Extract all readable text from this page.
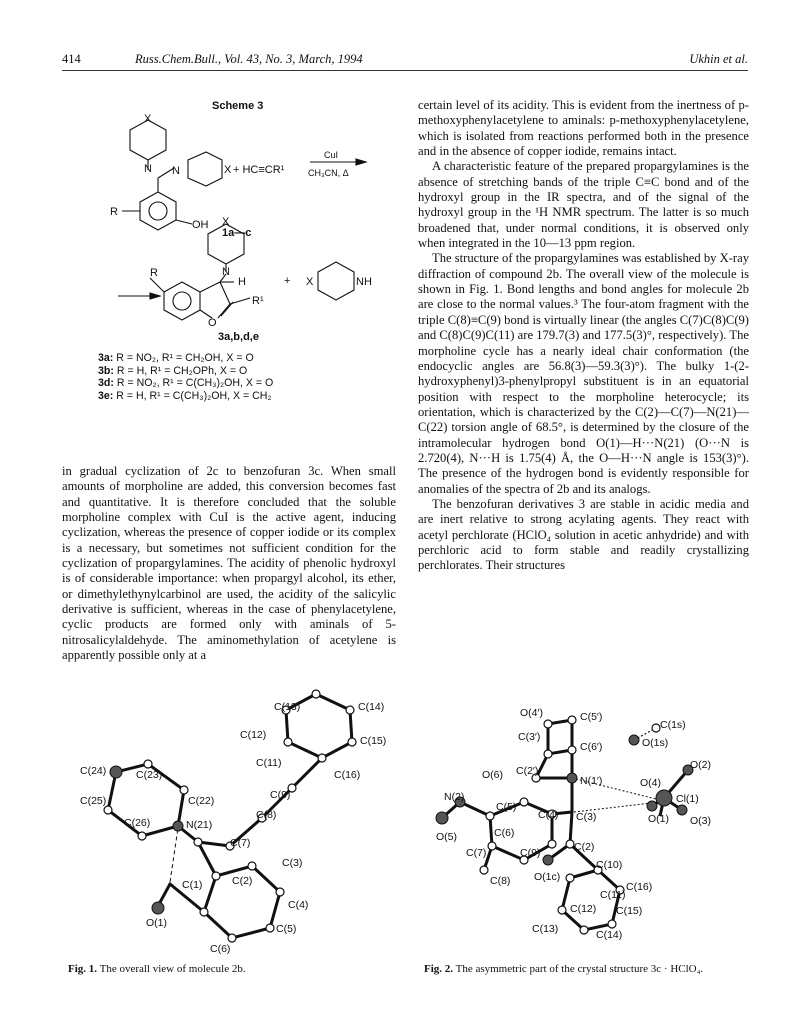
414	Russ.Chem.Bull., Vol. 43, No. 3, March, 1994	Ukhin et al.
Scheme 3
X
N N	X + HC≡CR¹
CuI
CH₃CN, Δ
R
OH
1a—c
X
N
H
R
O
R¹
+ X	NH
3a,b,d,e
3a: R = NO₂, R¹ = CH₂OH, X = O
3b: R = H, R¹ = CH₂OPh, X = O
3d: R = NO₂, R¹ = C(CH₃)₂OH, X = O
3e: R = H, R¹ = C(CH₃)₂OH, X = CH₂

in gradual cyclization of 2c to benzofuran 3c. When small amounts of morpholine are added, this conversion becomes fast and quantitative. It is therefore concluded that the soluble morpholine complex with CuI is the active agent, inducing cyclization, whereas the presence of copper iodide or its complex is a necessary, but sometimes not sufficient condition for the cyclization of propargylamines. The acidity of phenolic hydroxyl is of considerable importance: when propargyl alcohol, its ether, or dimethylethynylcarbinol are used, the acidity of the salicylic derivative is sufficient, whereas in the case of phenylacetylene, cyclic products are formed only with aminals of 5-nitrosalicylaldehyde. The aminomethylation of acetylene is apparently possible only at a

certain level of its acidity. This is evident from the inertness of p-methoxyphenylacetylene to aminals: p-methoxyphenylacetylene, which is isolated from reactions performed both in the presence and in the absence of copper iodide, remains intact.

A characteristic feature of the prepared propargylamines is the absence of stretching bands of the triple C≡C bond and of the hydroxyl group in the IR spectra, and of the signal of the hydroxyl group in the ¹H NMR spectrum. The latter is so much broadened that, under normal conditions, it is observed only when integrated in the 10—13 ppm region.

The structure of the propargylamines was established by X-ray diffraction of compound 2b. The overall view of the molecule is shown in Fig. 1. Bond lengths and bond angles for molecule 2b are close to the normal values.³ The four-atom fragment with the triple C(8)≡C(9) bond is virtually linear (the angles C(7)C(8)C(9) and C(8)C(9)C(11) are 179.7(3) and 177.5(3)°, respectively). The morpholine cycle has a nearly ideal chair conformation (the endocyclic angles are 56.8(3)—59.3(3)°). The bulky 1-(2-hydroxyphenyl)3-phenylpropyl substituent is in an equatorial position with respect to the morpholine heterocycle; its orientation, which is characterized by the C(2)—C(7)—N(21)—C(22) torsion angle of 68.5°, is determined by the closure of the intramolecular hydrogen bond O(1)—H···N(21) (O···N is 2.720(4), N···H is 1.75(4) Å, the O—H···N angle is 153(3)°). The presence of the hydrogen bond is evidently responsible for anomalies of the spectra of 2b and its analogs.

The benzofuran derivatives 3 are stable in acidic media and are inert relative to strong acylating agents. They react with acetyl perchlorate (HClO₄ solution in acetic anhydride) and with perchloric acid to form stable and readily crystallizing perchlorates. Their structures

C(13)	C(14)
C(12)	C(15)
C(11)
C(16)
C(24)	C(23)
C(9)
C(25)	C(22)
C(8)
C(26)	N(21)
C(7)
C(3)
C(1)	C(2)
C(4)
O(1)	C(5)
C(6)
Fig. 1. The overall view of molecule 2b.
O(4′)	C(5′)
C(3′)
C(1s)
C(6′)	O(1s)
O(6) C(2′)	O(2)
N(1′)	O(4)
N(2)
C(5)
Cl(1)
C(4) C(3)	O(1) O(3)
O(5)	C(6)
C(2)
C(7)	C(9)
C(10)
C(8) O(1c)
C(16)
C(11)
C(12) C(15)
C(13)	C(14)
Fig. 2. The asymmetric part of the crystal structure 3c · HClO₄.
